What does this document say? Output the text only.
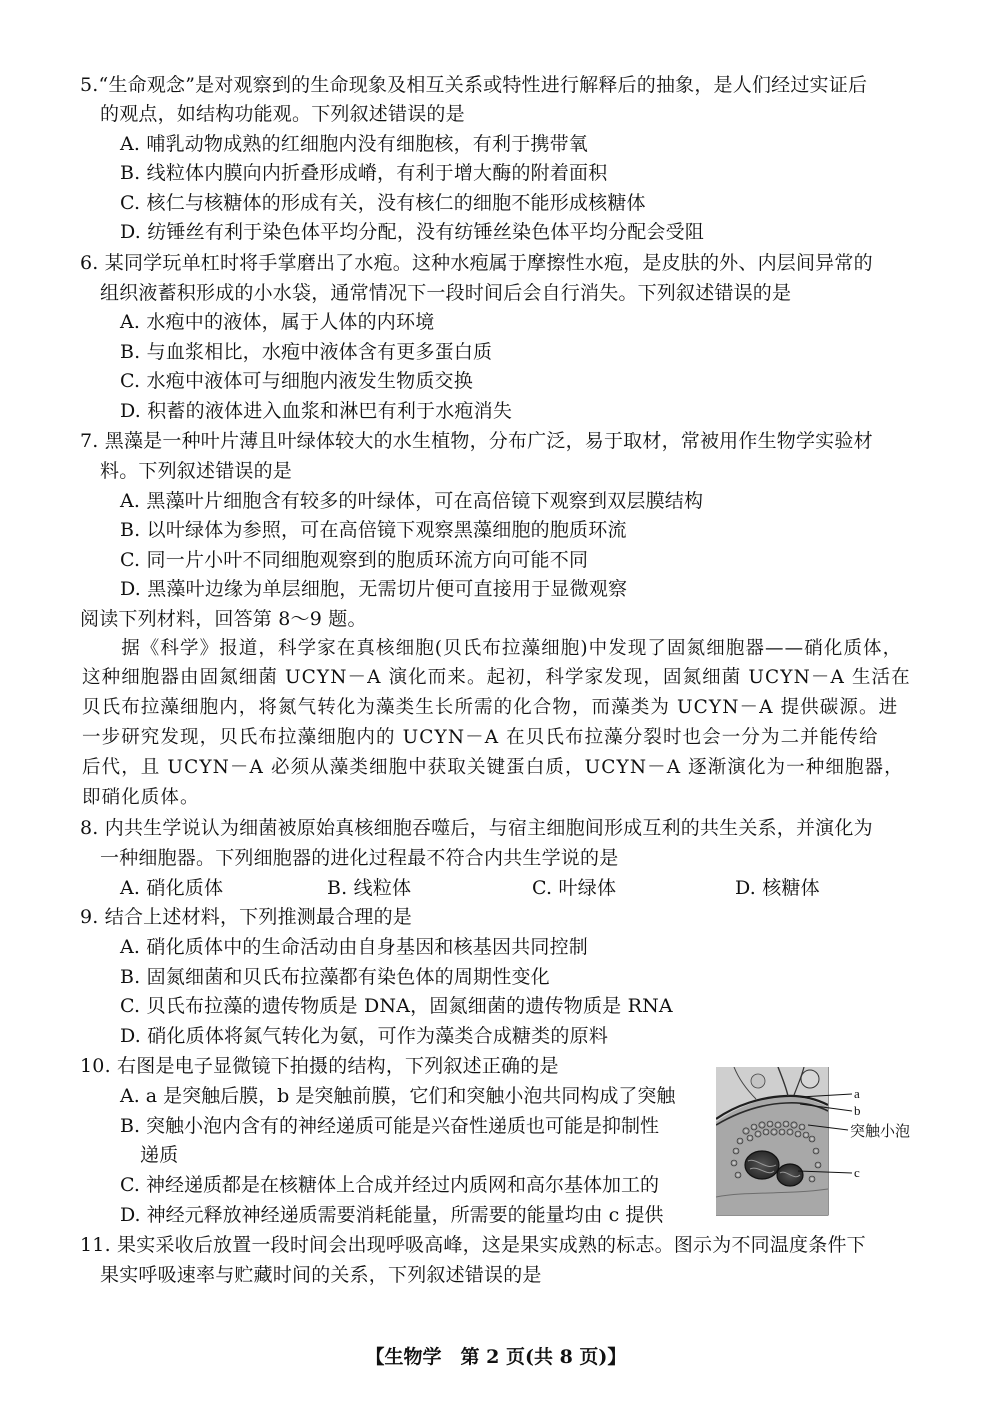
5.“生命观念”是对观察到的生命现象及相互关系或特性进行解释后的抽象，是人们经过实证后
的观点，如结构功能观。下列叙述错误的是
A. 哺乳动物成熟的红细胞内没有细胞核，有利于携带氧
B. 线粒体内膜向内折叠形成嵴，有利于增大酶的附着面积
C. 核仁与核糖体的形成有关，没有核仁的细胞不能形成核糖体
D. 纺锤丝有利于染色体平均分配，没有纺锤丝染色体平均分配会受阻
6. 某同学玩单杠时将手掌磨出了水疱。这种水疱属于摩擦性水疱，是皮肤的外、内层间异常的
组织液蓄积形成的小水袋，通常情况下一段时间后会自行消失。下列叙述错误的是
A. 水疱中的液体，属于人体的内环境
B. 与血浆相比，水疱中液体含有更多蛋白质
C. 水疱中液体可与细胞内液发生物质交换
D. 积蓄的液体进入血浆和淋巴有利于水疱消失
7. 黑藻是一种叶片薄且叶绿体较大的水生植物，分布广泛，易于取材，常被用作生物学实验材
料。下列叙述错误的是
A. 黑藻叶片细胞含有较多的叶绿体，可在高倍镜下观察到双层膜结构
B. 以叶绿体为参照，可在高倍镜下观察黑藻细胞的胞质环流
C. 同一片小叶不同细胞观察到的胞质环流方向可能不同
D. 黑藻叶边缘为单层细胞，无需切片便可直接用于显微观察
阅读下列材料，回答第 8～9 题。
　　据《科学》报道，科学家在真核细胞(贝氏布拉藻细胞)中发现了固氮细胞器——硝化质体，
这种细胞器由固氮细菌 UCYN－A 演化而来。起初，科学家发现，固氮细菌 UCYN－A 生活在
贝氏布拉藻细胞内，将氮气转化为藻类生长所需的化合物，而藻类为 UCYN－A 提供碳源。进
一步研究发现，贝氏布拉藻细胞内的 UCYN－A 在贝氏布拉藻分裂时也会一分为二并能传给
后代，且 UCYN－A 必须从藻类细胞中获取关键蛋白质，UCYN－A 逐渐演化为一种细胞器，
即硝化质体。
8. 内共生学说认为细菌被原始真核细胞吞噬后，与宿主细胞间形成互利的共生关系，并演化为
一种细胞器。下列细胞器的进化过程最不符合内共生学说的是
A. 硝化质体	B. 线粒体	C. 叶绿体	D. 核糖体
9. 结合上述材料，下列推测最合理的是
A. 硝化质体中的生命活动由自身基因和核基因共同控制
B. 固氮细菌和贝氏布拉藻都有染色体的周期性变化
C. 贝氏布拉藻的遗传物质是 DNA，固氮细菌的遗传物质是 RNA
D. 硝化质体将氮气转化为氨，可作为藻类合成糖类的原料
10. 右图是电子显微镜下拍摄的结构，下列叙述正确的是
A. a 是突触后膜，b 是突触前膜，它们和突触小泡共同构成了突触
B. 突触小泡内含有的神经递质可能是兴奋性递质也可能是抑制性
递质
C. 神经递质都是在核糖体上合成并经过内质网和高尔基体加工的
D. 神经元释放神经递质需要消耗能量，所需要的能量均由 c 提供
a
b
突触小泡
c
11. 果实采收后放置一段时间会出现呼吸高峰，这是果实成熟的标志。图示为不同温度条件下
果实呼吸速率与贮藏时间的关系，下列叙述错误的是
【生物学　第 2 页(共 8 页)】
